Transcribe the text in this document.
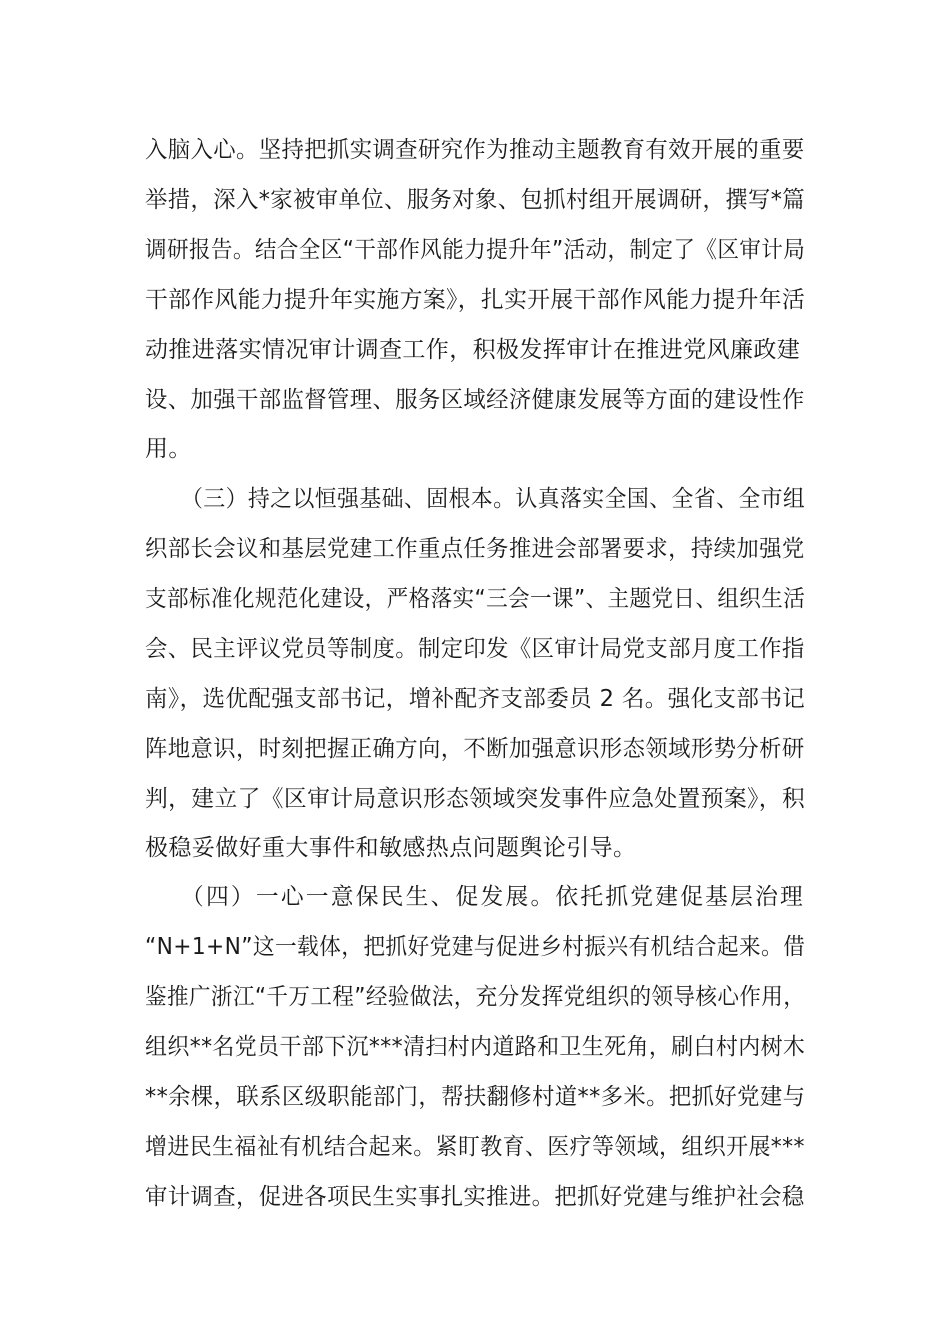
入脑入心。坚持把抓实调查研究作为推动主题教育有效开展的重要
举措，深入*家被审单位、服务对象、包抓村组开展调研，撰写*篇
调研报告。结合全区“干部作风能力提升年”活动，制定了《区审计局
干部作风能力提升年实施方案》，扎实开展干部作风能力提升年活
动推进落实情况审计调查工作，积极发挥审计在推进党风廉政建
设、加强干部监督管理、服务区域经济健康发展等方面的建设性作
用。
（三）持之以恒强基础、固根本。认真落实全国、全省、全市组
织部长会议和基层党建工作重点任务推进会部署要求，持续加强党
支部标准化规范化建设，严格落实“三会一课”、主题党日、组织生活
会、民主评议党员等制度。制定印发《区审计局党支部月度工作指
南》，选优配强支部书记，增补配齐支部委员 2 名。强化支部书记
阵地意识，时刻把握正确方向，不断加强意识形态领域形势分析研
判，建立了《区审计局意识形态领域突发事件应急处置预案》，积
极稳妥做好重大事件和敏感热点问题舆论引导。
（四）一心一意保民生、促发展。依托抓党建促基层治理
“N+1+N”这一载体，把抓好党建与促进乡村振兴有机结合起来。借
鉴推广浙江“千万工程”经验做法，充分发挥党组织的领导核心作用，
组织**名党员干部下沉***清扫村内道路和卫生死角，刷白村内树木
**余棵，联系区级职能部门，帮扶翻修村道**多米。把抓好党建与
增进民生福祉有机结合起来。紧盯教育、医疗等领域，组织开展***
审计调查，促进各项民生实事扎实推进。把抓好党建与维护社会稳
